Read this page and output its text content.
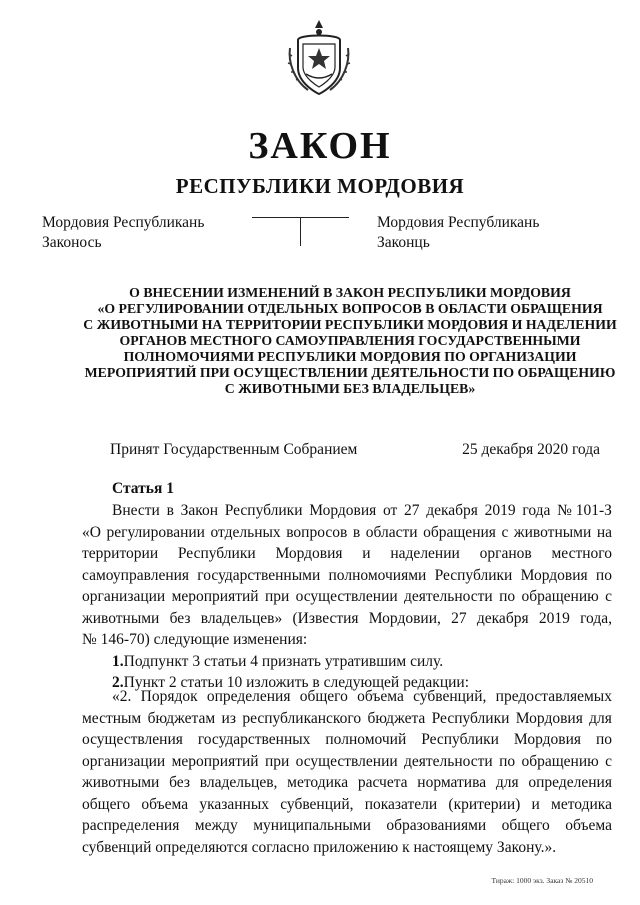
ЗАКОН
РЕСПУБЛИКИ МОРДОВИЯ
Мордовия Республикань
Законось
Мордовия Республикань
Законць
О ВНЕСЕНИИ ИЗМЕНЕНИЙ В ЗАКОН РЕСПУБЛИКИ МОРДОВИЯ
«О РЕГУЛИРОВАНИИ ОТДЕЛЬНЫХ ВОПРОСОВ В ОБЛАСТИ ОБРАЩЕНИЯ
С ЖИВОТНЫМИ НА ТЕРРИТОРИИ РЕСПУБЛИКИ МОРДОВИЯ И НАДЕЛЕНИИ
ОРГАНОВ МЕСТНОГО САМОУПРАВЛЕНИЯ ГОСУДАРСТВЕННЫМИ
ПОЛНОМОЧИЯМИ РЕСПУБЛИКИ МОРДОВИЯ ПО ОРГАНИЗАЦИИ
МЕРОПРИЯТИЙ ПРИ ОСУЩЕСТВЛЕНИИ ДЕЯТЕЛЬНОСТИ ПО ОБРАЩЕНИЮ
С ЖИВОТНЫМИ БЕЗ ВЛАДЕЛЬЦЕВ»
Принят Государственным Собранием	25 декабря 2020 года
Статья 1
Внести в Закон Республики Мордовия от 27 декабря 2019 года № 101-З
«О регулировании отдельных вопросов в области обращения с животными на
территории Республики Мордовия и наделении органов местного
самоуправления государственными полномочиями Республики Мордовия по
организации мероприятий при осуществлении деятельности по обращению с
животными без владельцев» (Известия Мордовии, 27 декабря 2019 года,
№ 146-70) следующие изменения:
1. Подпункт 3 статьи 4 признать утратившим силу.
2. Пункт 2 статьи 10 изложить в следующей редакции:
«2. Порядок определения общего объема субвенций, предоставляемых
местным бюджетам из республиканского бюджета Республики Мордовия для
осуществления государственных полномочий Республики Мордовия по
организации мероприятий при осуществлении деятельности по обращению с
животными без владельцев, методика расчета норматива для определения
общего объема указанных субвенций, показатели (критерии) и методика
распределения между муниципальными образованиями общего объема
субвенций определяются согласно приложению к настоящему Закону.».
Тираж: 1000 экз. Заказ № 20510
